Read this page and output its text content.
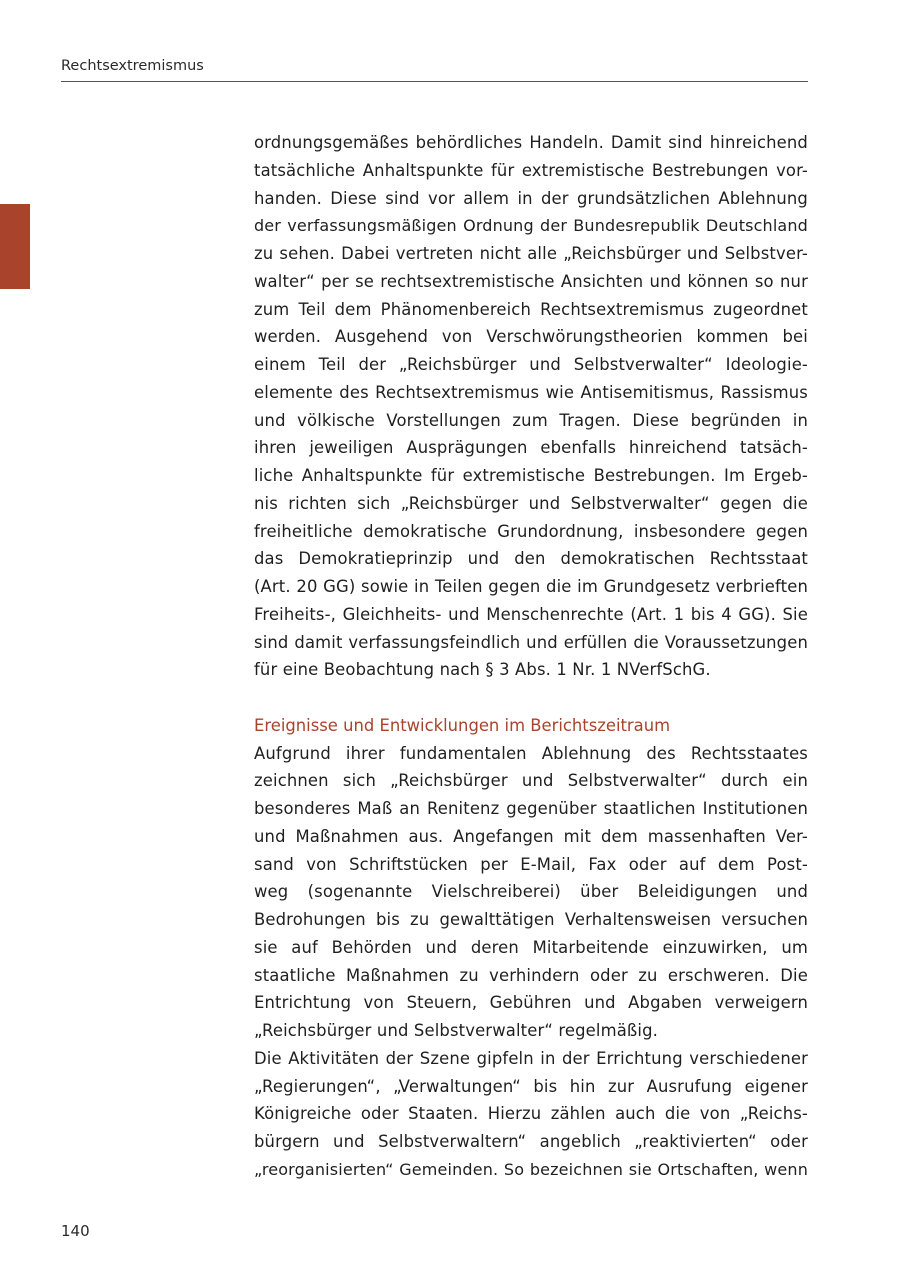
Rechtsextremismus
ordnungsgemäßes behördliches Handeln. Damit sind hinreichend
tatsächliche Anhaltspunkte für extremistische Bestrebungen vor-
handen. Diese sind vor allem in der grundsätzlichen Ablehnung
der verfassungsmäßigen Ordnung der Bundesrepublik Deutschland
zu sehen. Dabei vertreten nicht alle „Reichsbürger und Selbstver-
walter“ per se rechtsextremistische Ansichten und können so nur
zum Teil dem Phänomenbereich Rechtsextremismus zugeordnet
werden. Ausgehend von Verschwörungstheorien kommen bei
einem Teil der „Reichsbürger und Selbstverwalter“ Ideologie-
elemente des Rechtsextremismus wie Antisemitismus, Rassismus
und völkische Vorstellungen zum Tragen. Diese begründen in
ihren jeweiligen Ausprägungen ebenfalls hinreichend tatsäch-
liche Anhaltspunkte für extremistische Bestrebungen. Im Ergeb-
nis richten sich „Reichsbürger und Selbstverwalter“ gegen die
freiheitliche demokratische Grundordnung, insbesondere gegen
das Demokratieprinzip und den demokratischen Rechtsstaat
(Art. 20 GG) sowie in Teilen gegen die im Grundgesetz verbrieften
Freiheits-, Gleichheits- und Menschenrechte (Art. 1 bis 4 GG). Sie
sind damit verfassungsfeindlich und erfüllen die Voraussetzungen
für eine Beobachtung nach § 3 Abs. 1 Nr. 1 NVerfSchG.
Ereignisse und Entwicklungen im Berichtszeitraum
Aufgrund ihrer fundamentalen Ablehnung des Rechtsstaates
zeichnen sich „Reichsbürger und Selbstverwalter“ durch ein
besonderes Maß an Renitenz gegenüber staatlichen Institutionen
und Maßnahmen aus. Angefangen mit dem massenhaften Ver-
sand von Schriftstücken per E-Mail, Fax oder auf dem Post-
weg (sogenannte Vielschreiberei) über Beleidigungen und
Bedrohungen bis zu gewalttätigen Verhaltensweisen versuchen
sie auf Behörden und deren Mitarbeitende einzuwirken, um
staatliche Maßnahmen zu verhindern oder zu erschweren. Die
Entrichtung von Steuern, Gebühren und Abgaben verweigern
„Reichsbürger und Selbstverwalter“ regelmäßig.
Die Aktivitäten der Szene gipfeln in der Errichtung verschiedener
„Regierungen“, „Verwaltungen“ bis hin zur Ausrufung eigener
Königreiche oder Staaten. Hierzu zählen auch die von „Reichs-
bürgern und Selbstverwaltern“ angeblich „reaktivierten“ oder
„reorganisierten“ Gemeinden. So bezeichnen sie Ortschaften, wenn
140
